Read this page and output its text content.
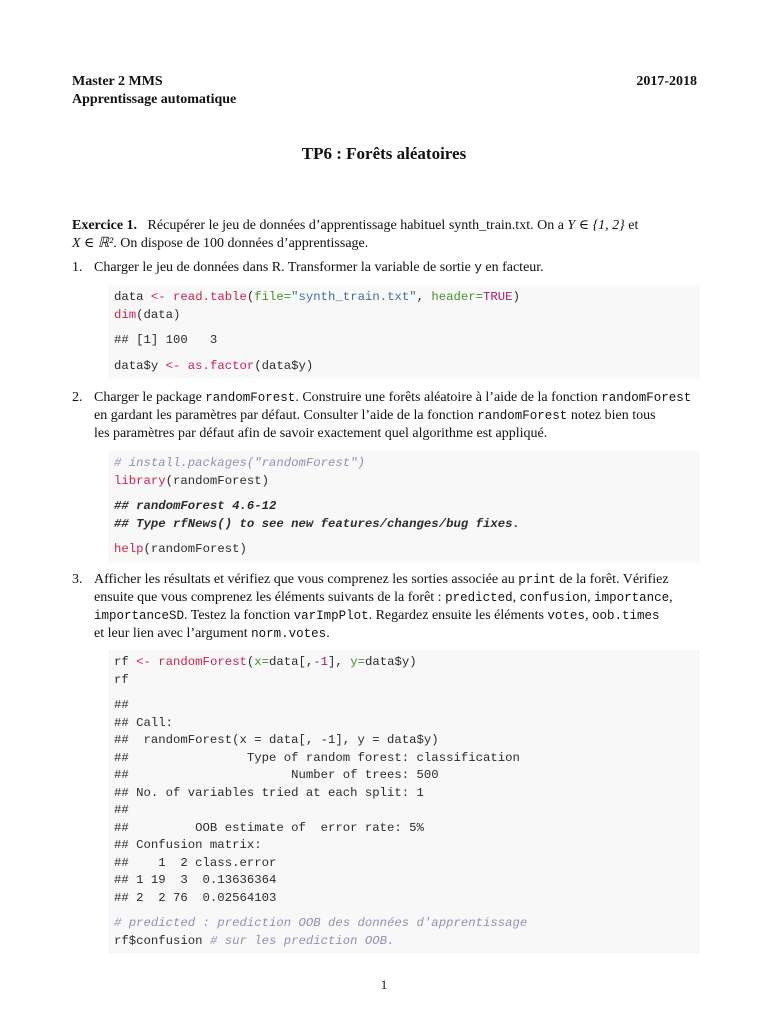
Master 2 MMS
Apprentissage automatique
2017-2018
TP6 : Forêts aléatoires
Exercice 1. Récupérer le jeu de données d’apprentissage habituel synth_train.txt. On a Y ∈ {1, 2} et
X ∈ ℝ². On dispose de 100 données d’apprentissage.
1. Charger le jeu de données dans R. Transformer la variable de sortie y en facteur.
data <- read.table(file="synth_train.txt", header=TRUE)
dim(data)
## [1] 100   3
data$y <- as.factor(data$y)
2. Charger le package randomForest. Construire une forêts aléatoire à l’aide de la fonction randomForest
en gardant les paramètres par défaut. Consulter l’aide de la fonction randomForest notez bien tous
les paramètres par défaut afin de savoir exactement quel algorithme est appliqué.
# install.packages("randomForest")
library(randomForest)
## randomForest 4.6-12
## Type rfNews() to see new features/changes/bug fixes.
help(randomForest)
3. Afficher les résultats et vérifiez que vous comprenez les sorties associée au print de la forêt. Vérifiez
ensuite que vous comprenez les éléments suivants de la forêt : predicted, confusion, importance,
importanceSD. Testez la fonction varImpPlot. Regardez ensuite les éléments votes, oob.times
et leur lien avec l’argument norm.votes.
rf <- randomForest(x=data[,-1], y=data$y)
rf
##
## Call:
##  randomForest(x = data[, -1], y = data$y)
##                Type of random forest: classification
##                      Number of trees: 500
## No. of variables tried at each split: 1
##
##         OOB estimate of  error rate: 5%
## Confusion matrix:
##    1  2 class.error
## 1 19  3  0.13636364
## 2  2 76  0.02564103
# predicted : prediction OOB des données d'apprentissage
rf$confusion # sur les prediction OOB.
1
